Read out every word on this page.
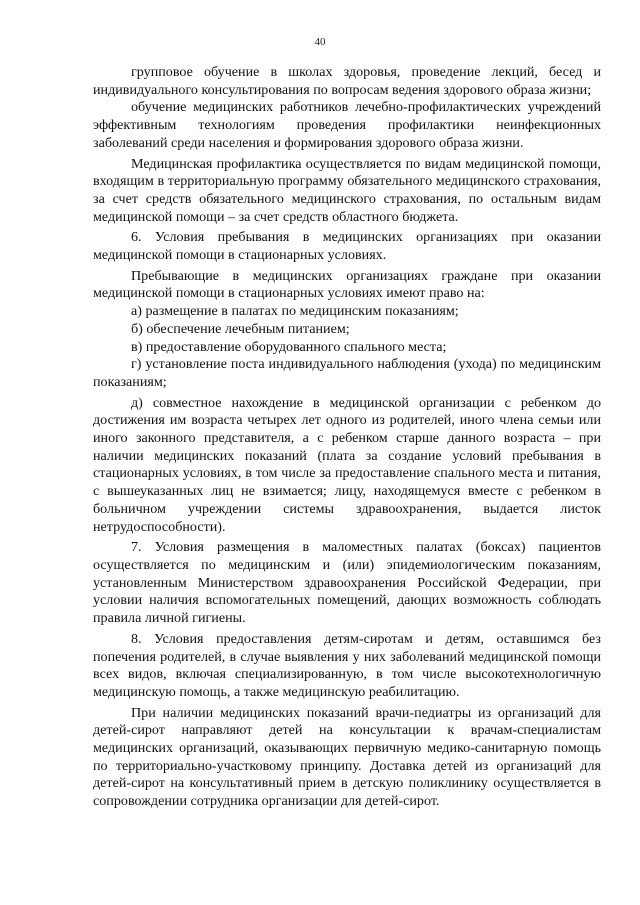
40

групповое обучение в школах здоровья, проведение лекций, бесед и индивидуального консультирования по вопросам ведения здорового образа жизни;

обучение медицинских работников лечебно-профилактических учреждений эффективным технологиям проведения профилактики неинфекционных заболеваний среди населения и формирования здорового образа жизни.

Медицинская профилактика осуществляется по видам медицинской помощи, входящим в территориальную программу обязательного медицинского страхования, за счет средств обязательного медицинского страхования, по остальным видам медицинской помощи – за счет средств областного бюджета.

6. Условия пребывания в медицинских организациях при оказании медицинской помощи в стационарных условиях.

Пребывающие в медицинских организациях граждане при оказании медицинской помощи в стационарных условиях имеют право на:

а) размещение в палатах по медицинским показаниям;

б) обеспечение лечебным питанием;

в) предоставление оборудованного спального места;

г) установление поста индивидуального наблюдения (ухода) по медицинским показаниям;

д) совместное нахождение в медицинской организации с ребенком до достижения им возраста четырех лет одного из родителей, иного члена семьи или иного законного представителя, а с ребенком старше данного возраста – при наличии медицинских показаний (плата за создание условий пребывания в стационарных условиях, в том числе за предоставление спального места и питания, с вышеуказанных лиц не взимается; лицу, находящемуся вместе с ребенком в больничном учреждении системы здравоохранения, выдается листок нетрудоспособности).

7. Условия размещения в маломестных палатах (боксах) пациентов осуществляется по медицинским и (или) эпидемиологическим показаниям, установленным Министерством здравоохранения Российской Федерации, при условии наличия вспомогательных помещений, дающих возможность соблюдать правила личной гигиены.

8. Условия предоставления детям-сиротам и детям, оставшимся без попечения родителей, в случае выявления у них заболеваний медицинской помощи всех видов, включая специализированную, в том числе высокотехнологичную медицинскую помощь, а также медицинскую реабилитацию.

При наличии медицинских показаний врачи-педиатры из организаций для детей-сирот направляют детей на консультации к врачам-специалистам медицинских организаций, оказывающих первичную медико-санитарную помощь по территориально-участковому принципу. Доставка детей из организаций для детей-сирот на консультативный прием в детскую поликлинику осуществляется в сопровождении сотрудника организации для детей-сирот.
